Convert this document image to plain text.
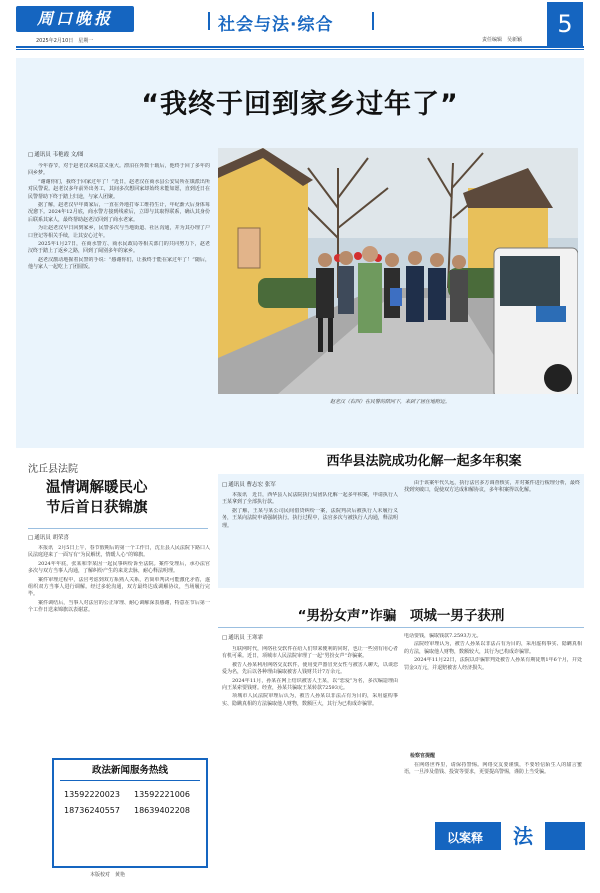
周口晚报
2025年2月10日　星期一
社会与法·综合
责任编辑　吴新颖
5
“我终于回到家乡过年了”
□ 通讯员 韦艳霞 文/图

今年春节，对于赵老汉来说意义重大。漂泊在外数十载后，他终于回了多年的回乡梦。

“谢谢你们，我终于回家过年了！”近日，赵老汉在商水县公安局所在镇派出所对民警说。赵老汉多年前外出务工，其间多次想回家却始终未能如愿，直到近日在民警帮助下终于踏上归途，与家人团聚。

据了解，赵老汉早年离家后，一直在外地打零工维持生计，年纪渐大后身体每况愈下。2024年12月底，商水警方接到线索后，立即与其取得联系，确认其身份后联系其家人，最终帮助赵老汉回到了商水老家。

为让赵老汉早日回到家乡，民警多次与当地街道、社区沟通，并为其办理了户口登记等相关手续，让其安心过年。

2025年1月27日，在商水警方、商水民政局等相关部门的共同努力下，赵老汉终于踏上了返乡之路，回到了阔别多年的家乡。

赵老汉激动地握着民警的手说：“感谢你们，让我终于能在家过年了！”随后，他与家人一起吃上了团圆饭。

赵老汉（右四）在民警的陪同下，来到了居住地附近。
沈丘县法院
温情调解暖民心
节后首日获锦旗
□ 通讯员 胡荣喜

本报讯　2月5日上午，春节假期后的第一个工作日，沈丘县人民法院卞路口人民法庭迎来了一面写有“为民解忧，情暖人心”的锦旗。

2024年年底，张某和李某因一起民事纠纷诉至法院。案件受理后，承办法官多次与双方当事人沟通，了解纠纷产生的来龙去脉，耐心释法明理。

案件审理过程中，法官考虑到双方系熟人关系，若简单判决可能激化矛盾，遂组织双方当事人进行调解。经过多轮沟通，双方最终达成调解协议，当场履行完毕。

案件调结后，当事人对法官的公正审理、耐心调解深表感谢，特意在节后第一个工作日送来锦旗以表谢意。

政法新闻服务热线
13592220023 13592221006
18736240557 18639402208
西华县法院成功化解一起多年积案
□ 通讯员 曹志宏 张军

本报讯　近日，西华县人民法院执行局团队化解一起多年积案，申请执行人王某拿到了全部执行款。

据了解，王某与某公司民间借贷纠纷一案，法院判决后被执行人未履行义务，王某向法院申请强制执行。执行过程中，法官多次与被执行人沟通，释法明理。

由于该案年代久远，执行法官多方调查核实，并对案件进行梳理分析，最终找到突破口，促使双方达成和解协议，多年积案得以化解。

“男扮女声”诈骗　项城一男子获刑
□ 通讯员 王寒霏

互联网时代，网络社交软件在给人们带来便利的同时，也让一些别有用心者有机可乘。近日，项城市人民法院审理了一起“男扮女声”诈骗案。

被告人孙某利用网络交友软件，使用变声器冒充女性与被害人聊天，以谈恋爱为名，先后以各种理由骗取被害人钱财共计7万余元。

2024年11月，孙某在网上结识被害人王某，以“恋爱”为名，多次编造理由向王某索要钱财。经查，孙某共骗取王某转款72593元。

项城市人民法院审理后认为，被告人孙某以非法占有为目的，采用虚构事实、隐瞒真相的方法骗取他人财物，数额巨大，其行为已构成诈骗罪。

电话要钱，骗取钱款7.2593万元。

法院经审理认为，被告人孙某以非法占有为目的，采用虚构事实、隐瞒真相的方法，骗取他人财物，数额较大，其行为已构成诈骗罪。

2024年11月22日，法院以诈骗罪判处被告人孙某有期徒刑1年6个月，并处罚金3万元，并退赔被害人经济损失。

检察官提醒

在网络世界里，请保持警惕。网络交友要谨慎，不要轻信陌生人的甜言蜜语，一旦涉及借钱、投资等要求，更要提高警惕，谨防上当受骗。

以案释	法
本版校对　黄艳
